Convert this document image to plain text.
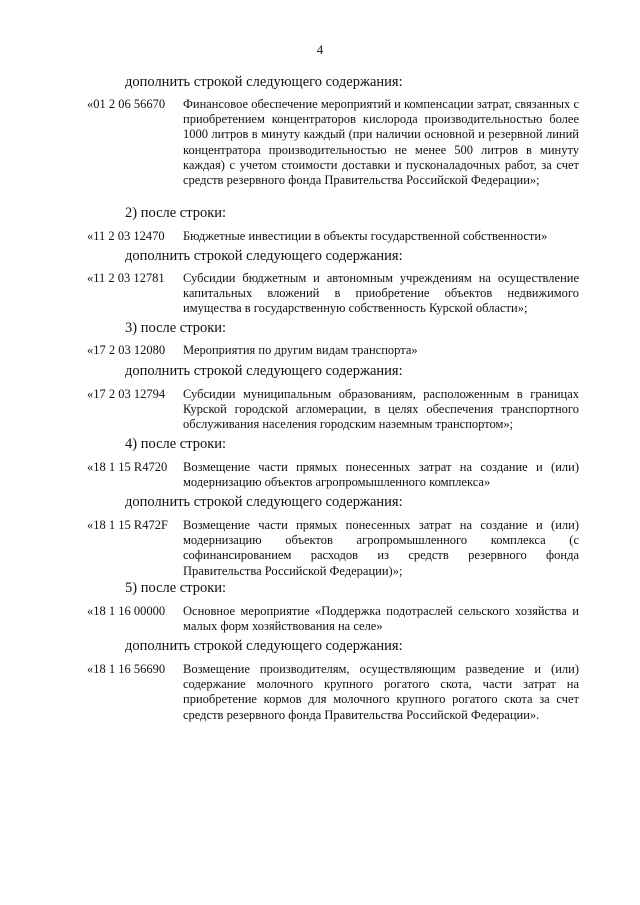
4
дополнить строкой следующего содержания:
«01 2 06 56670 Финансовое обеспечение мероприятий и компенсации затрат, связанных с приобретением концентраторов кислорода производительностью более 1000 литров в минуту каждый (при наличии основной и резервной линий концентратора производительностью не менее 500 литров в минуту каждая) с учетом стоимости доставки и пусконаладочных работ, за счет средств резервного фонда Правительства Российской Федерации»;
2) после строки:
«11 2 03 12470 Бюджетные инвестиции в объекты государственной собственности»
дополнить строкой следующего содержания:
«11 2 03 12781 Субсидии бюджетным и автономным учреждениям на осуществление капитальных вложений в приобретение объектов недвижимого имущества в государственную собственность Курской области»;
3) после строки:
«17 2 03 12080 Мероприятия по другим видам транспорта»
дополнить строкой следующего содержания:
«17 2 03 12794 Субсидии муниципальным образованиям, расположенным в границах Курской городской агломерации, в целях обеспечения транспортного обслуживания населения городским наземным транспортом»;
4) после строки:
«18 1 15 R4720 Возмещение части прямых понесенных затрат на создание и (или) модернизацию объектов агропромышленного комплекса»
дополнить строкой следующего содержания:
«18 1 15 R472F Возмещение части прямых понесенных затрат на создание и (или) модернизацию объектов агропромышленного комплекса (с софинансированием расходов из средств резервного фонда Правительства Российской Федерации)»;
5) после строки:
«18 1 16 00000 Основное мероприятие «Поддержка подотраслей сельского хозяйства и малых форм хозяйствования на селе»
дополнить строкой следующего содержания:
«18 1 16 56690 Возмещение производителям, осуществляющим разведение и (или) содержание молочного крупного рогатого скота, части затрат на приобретение кормов для молочного крупного рогатого скота за счет средств резервного фонда Правительства Российской Федерации».
